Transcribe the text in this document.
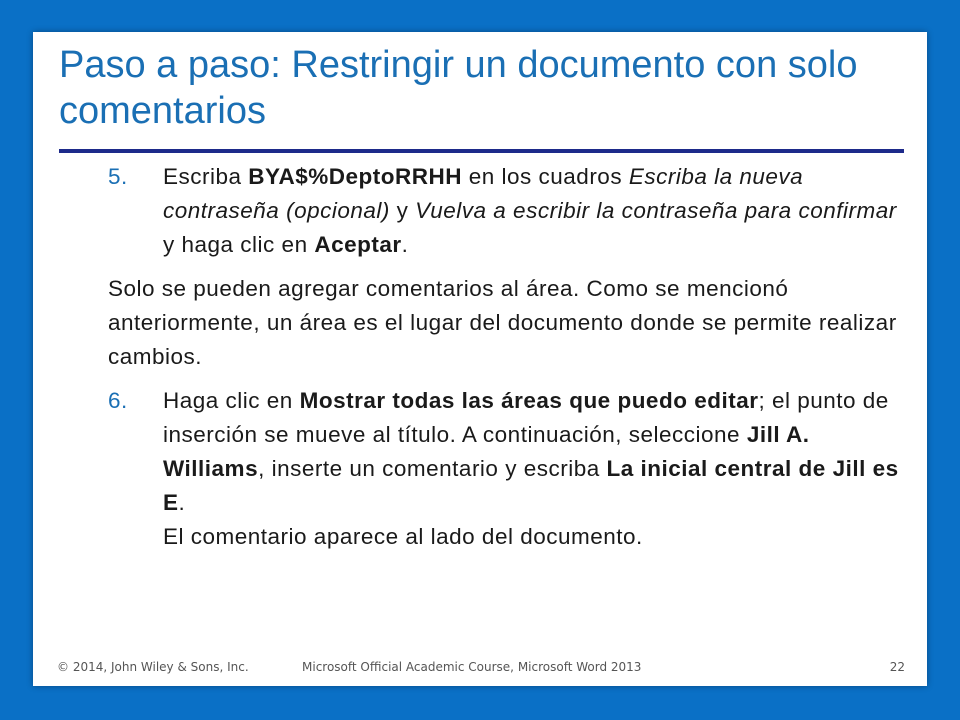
Paso a paso: Restringir un documento con solo comentarios
5.	Escriba BYA$%DeptoRRHH en los cuadros Escriba la nueva contraseña (opcional) y Vuelva a escribir la contraseña para confirmar y haga clic en Aceptar.

Solo se pueden agregar comentarios al área. Como se mencionó anteriormente, un área es el lugar del documento donde se permite realizar cambios.

6.	Haga clic en Mostrar todas las áreas que puedo editar; el punto de inserción se mueve al título. A continuación, seleccione Jill A. Williams, inserte un comentario y escriba La inicial central de Jill es E.
El comentario aparece al lado del documento.
© 2014, John Wiley & Sons, Inc.	Microsoft Official Academic Course, Microsoft Word 2013	22
